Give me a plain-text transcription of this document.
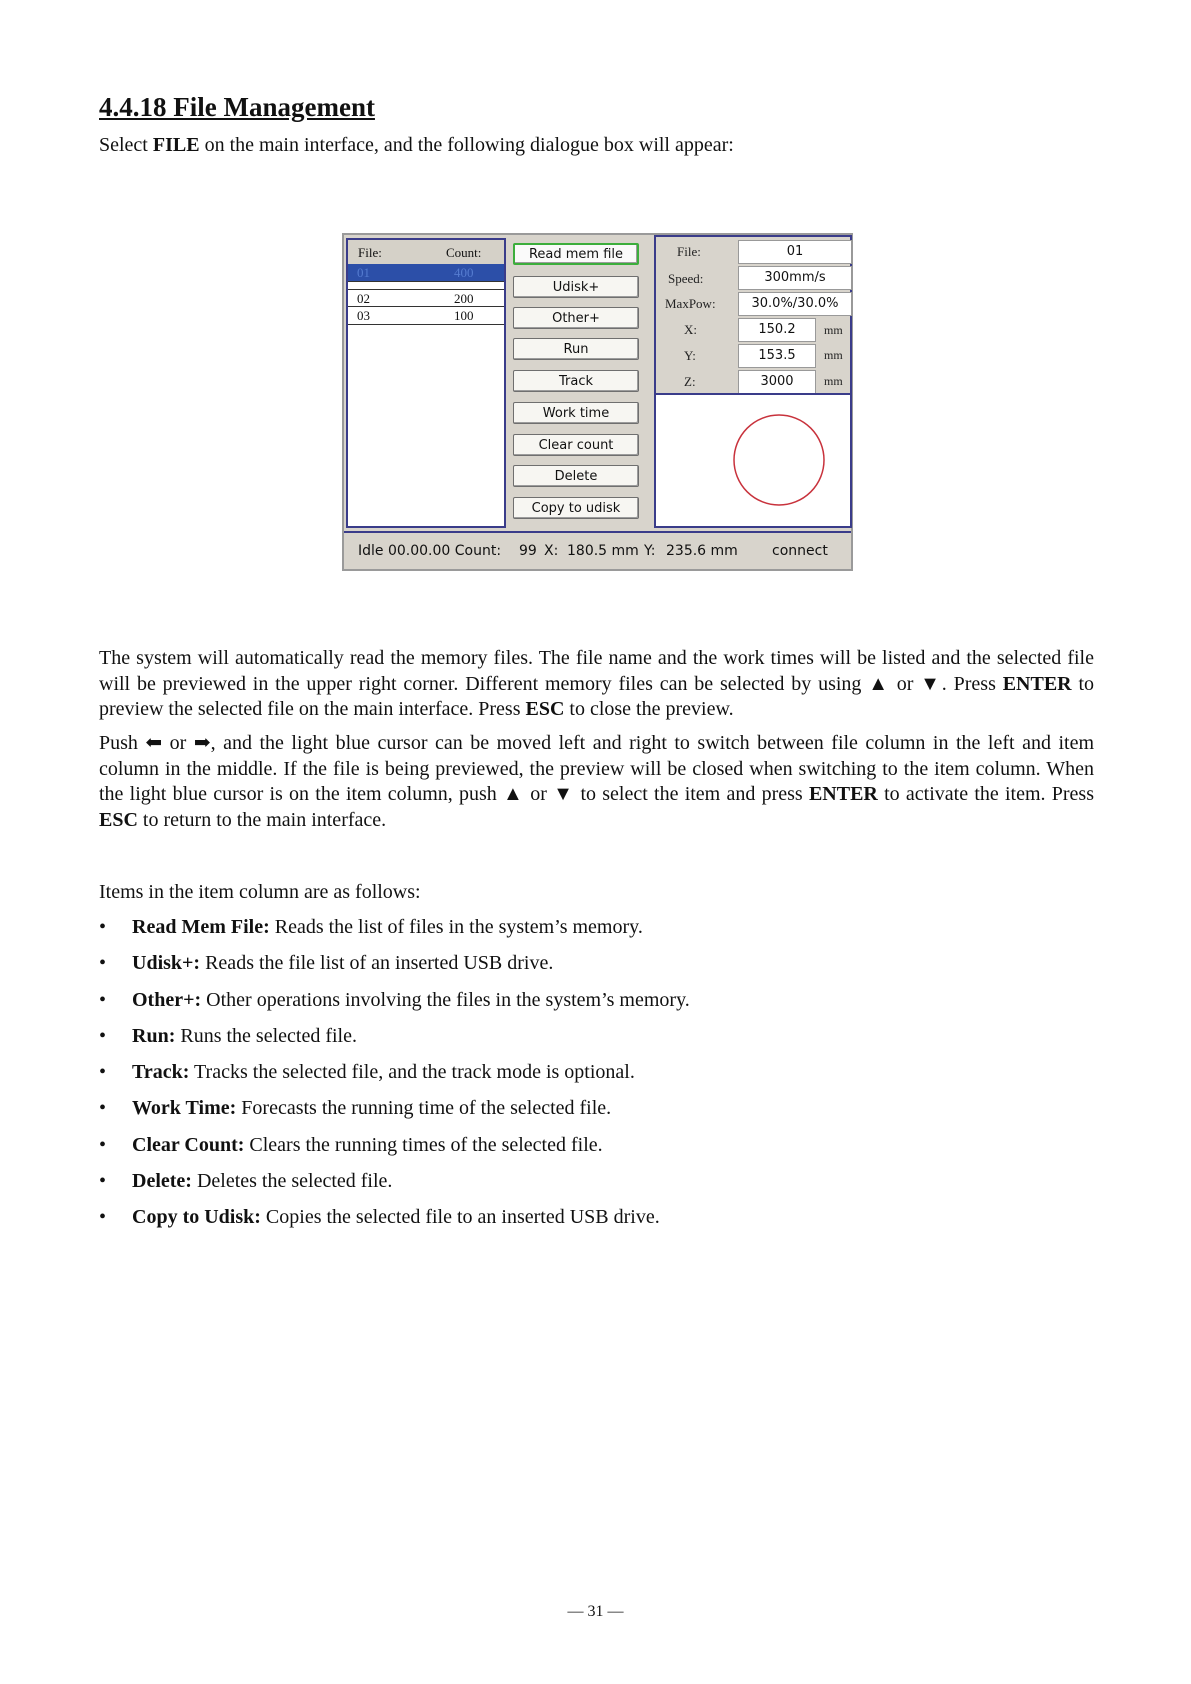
4.4.18 File Management

Select FILE on the main interface, and the following dialogue box will appear:

File:	Count:
01	400
02	200
03	100
Read mem file
Udisk+
Other+
Run
Track
Work time
Clear count
Delete
Copy to udisk
File:	01
Speed:	300mm/s
MaxPow:	30.0%/30.0%
X:	150.2	mm
Y:	153.5	mm
Z:	3000	mm
Idle 00.00.00 Count: 99 X: 180.5 mm Y: 235.6 mm connect

The system will automatically read the memory files. The file name and the work times will be listed and the selected file will be previewed in the upper right corner. Different memory files can be selected by using ▲ or ▼. Press ENTER to preview the selected file on the main interface. Press ESC to close the preview.

Push ⬅ or ➡, and the light blue cursor can be moved left and right to switch between file column in the left and item column in the middle. If the file is being previewed, the preview will be closed when switching to the item column. When the light blue cursor is on the item column, push ▲ or ▼ to select the item and press ENTER to activate the item. Press ESC to return to the main interface.

Items in the item column are as follows:

• Read Mem File: Reads the list of files in the system’s memory.
• Udisk+: Reads the file list of an inserted USB drive.
• Other+: Other operations involving the files in the system’s memory.
• Run: Runs the selected file.
• Track: Tracks the selected file, and the track mode is optional.
• Work Time: Forecasts the running time of the selected file.
• Clear Count: Clears the running times of the selected file.
• Delete: Deletes the selected file.
• Copy to Udisk: Copies the selected file to an inserted USB drive.
— 31 —
